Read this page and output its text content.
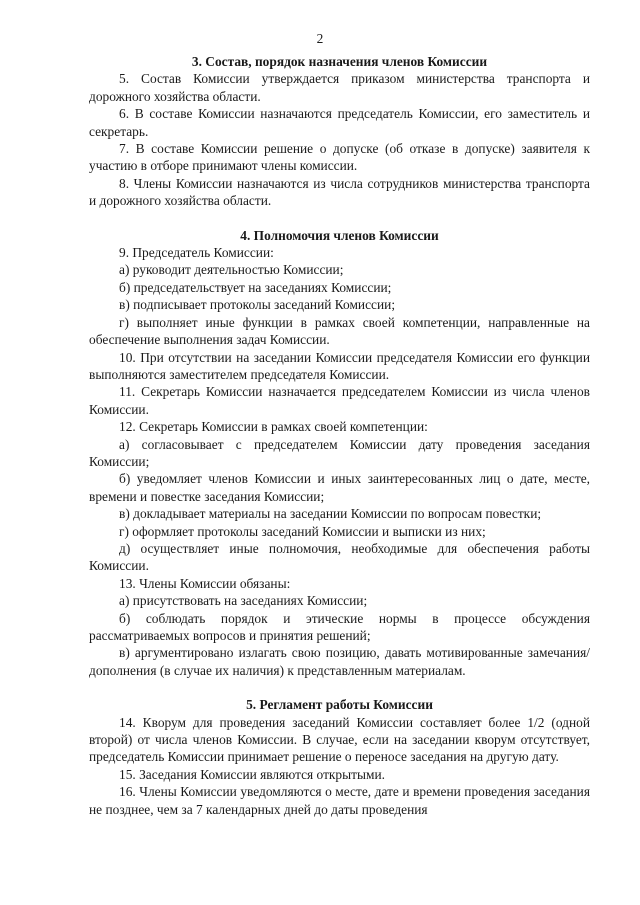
2
3. Состав, порядок назначения членов Комиссии

5. Состав Комиссии утверждается приказом министерства транспорта и дорожного хозяйства области.

6. В составе Комиссии назначаются председатель Комиссии, его заместитель и секретарь.

7. В составе Комиссии решение о допуске (об отказе в допуске) заявителя к участию в отборе принимают члены комиссии.

8. Члены Комиссии назначаются из числа сотрудников министерства транспорта и дорожного хозяйства области.

4. Полномочия членов Комиссии

9. Председатель Комиссии:

а) руководит деятельностью Комиссии;

б) председательствует на заседаниях Комиссии;

в) подписывает протоколы заседаний Комиссии;

г) выполняет иные функции в рамках своей компетенции, направленные на обеспечение выполнения задач Комиссии.

10. При отсутствии на заседании Комиссии председателя Комиссии его функции выполняются заместителем председателя Комиссии.

11. Секретарь Комиссии назначается председателем Комиссии из числа членов Комиссии.

12. Секретарь Комиссии в рамках своей компетенции:

а) согласовывает с председателем Комиссии дату проведения заседания Комиссии;

б) уведомляет членов Комиссии и иных заинтересованных лиц о дате, месте, времени и повестке заседания Комиссии;

в) докладывает материалы на заседании Комиссии по вопросам повестки;

г) оформляет протоколы заседаний Комиссии и выписки из них;

д) осуществляет иные полномочия, необходимые для обеспечения работы Комиссии.

13. Члены Комиссии обязаны:

а) присутствовать на заседаниях Комиссии;

б) соблюдать порядок и этические нормы в процессе обсуждения рассматриваемых вопросов и принятия решений;

в) аргументировано излагать свою позицию, давать мотивированные замечания/дополнения (в случае их наличия) к представленным материалам.

5. Регламент работы Комиссии

14. Кворум для проведения заседаний Комиссии составляет более 1/2 (одной второй) от числа членов Комиссии. В случае, если на заседании кворум отсутствует, председатель Комиссии принимает решение о переносе заседания на другую дату.

15. Заседания Комиссии являются открытыми.

16. Члены Комиссии уведомляются о месте, дате и времени проведения заседания не позднее, чем за 7 календарных дней до даты проведения
